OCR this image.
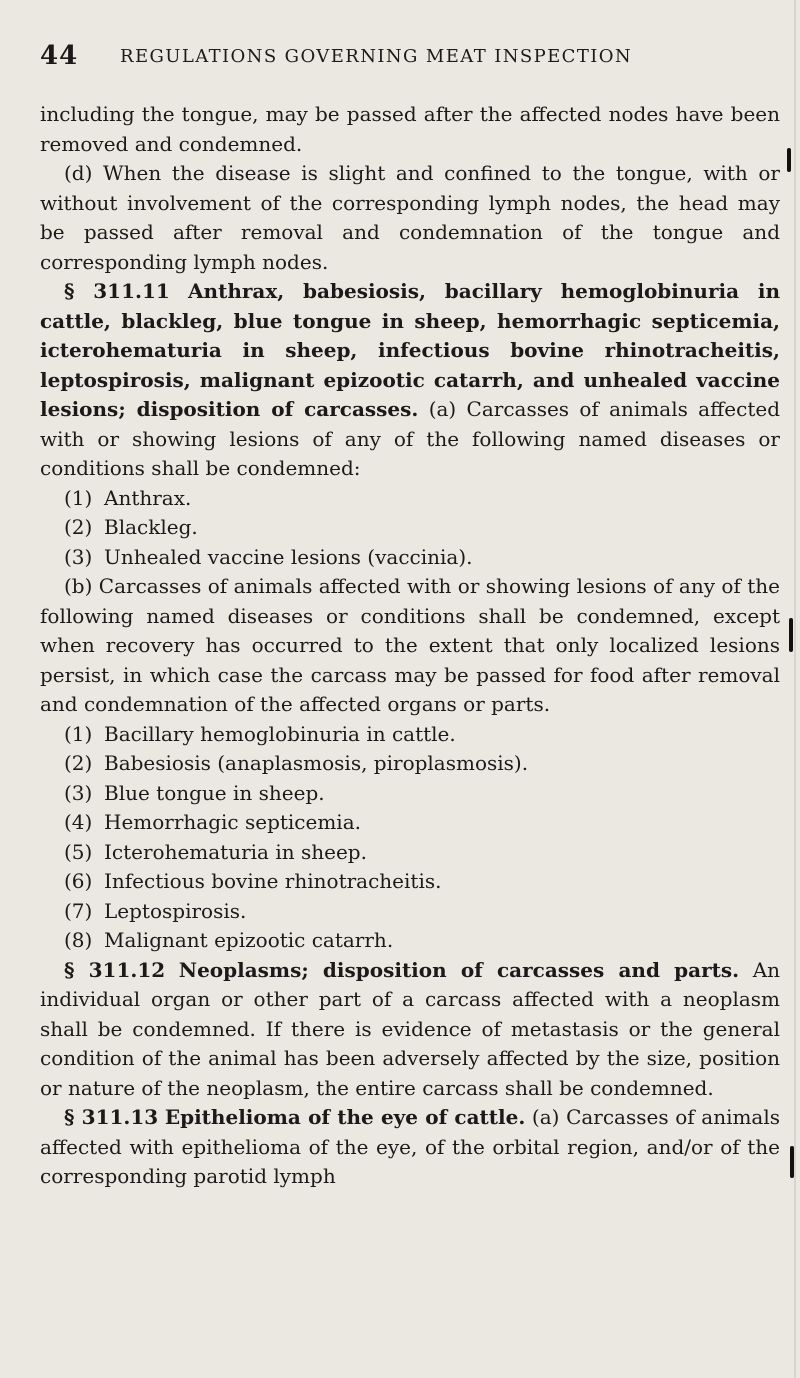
44	REGULATIONS GOVERNING MEAT INSPECTION

including the tongue, may be passed after the affected nodes have been removed and condemned.

(d) When the disease is slight and confined to the tongue, with or without involvement of the corresponding lymph nodes, the head may be passed after removal and condemnation of the tongue and corresponding lymph nodes.

§ 311.11 Anthrax, babesiosis, bacillary hemoglobinuria in cattle, blackleg, blue tongue in sheep, hemorrhagic septicemia, icterohematuria in sheep, infectious bovine rhinotracheitis, leptospirosis, malignant epizootic catarrh, and unhealed vaccine lesions; disposition of carcasses. (a) Carcasses of animals affected with or showing lesions of any of the following named diseases or conditions shall be condemned:

(1) Anthrax.
(2) Blackleg.
(3) Unhealed vaccine lesions (vaccinia).

(b) Carcasses of animals affected with or showing lesions of any of the following named diseases or conditions shall be condemned, except when recovery has occurred to the extent that only localized lesions persist, in which case the carcass may be passed for food after removal and condemnation of the affected organs or parts.

(1) Bacillary hemoglobinuria in cattle.
(2) Babesiosis (anaplasmosis, piroplasmosis).
(3) Blue tongue in sheep.
(4) Hemorrhagic septicemia.
(5) Icterohematuria in sheep.
(6) Infectious bovine rhinotracheitis.
(7) Leptospirosis.
(8) Malignant epizootic catarrh.

§ 311.12 Neoplasms; disposition of carcasses and parts. An individual organ or other part of a carcass affected with a neoplasm shall be condemned. If there is evidence of metastasis or the general condition of the animal has been adversely affected by the size, position or nature of the neoplasm, the entire carcass shall be condemned.

§ 311.13 Epithelioma of the eye of cattle. (a) Carcasses of animals affected with epithelioma of the eye, of the orbital region, and/or of the corresponding parotid lymph
